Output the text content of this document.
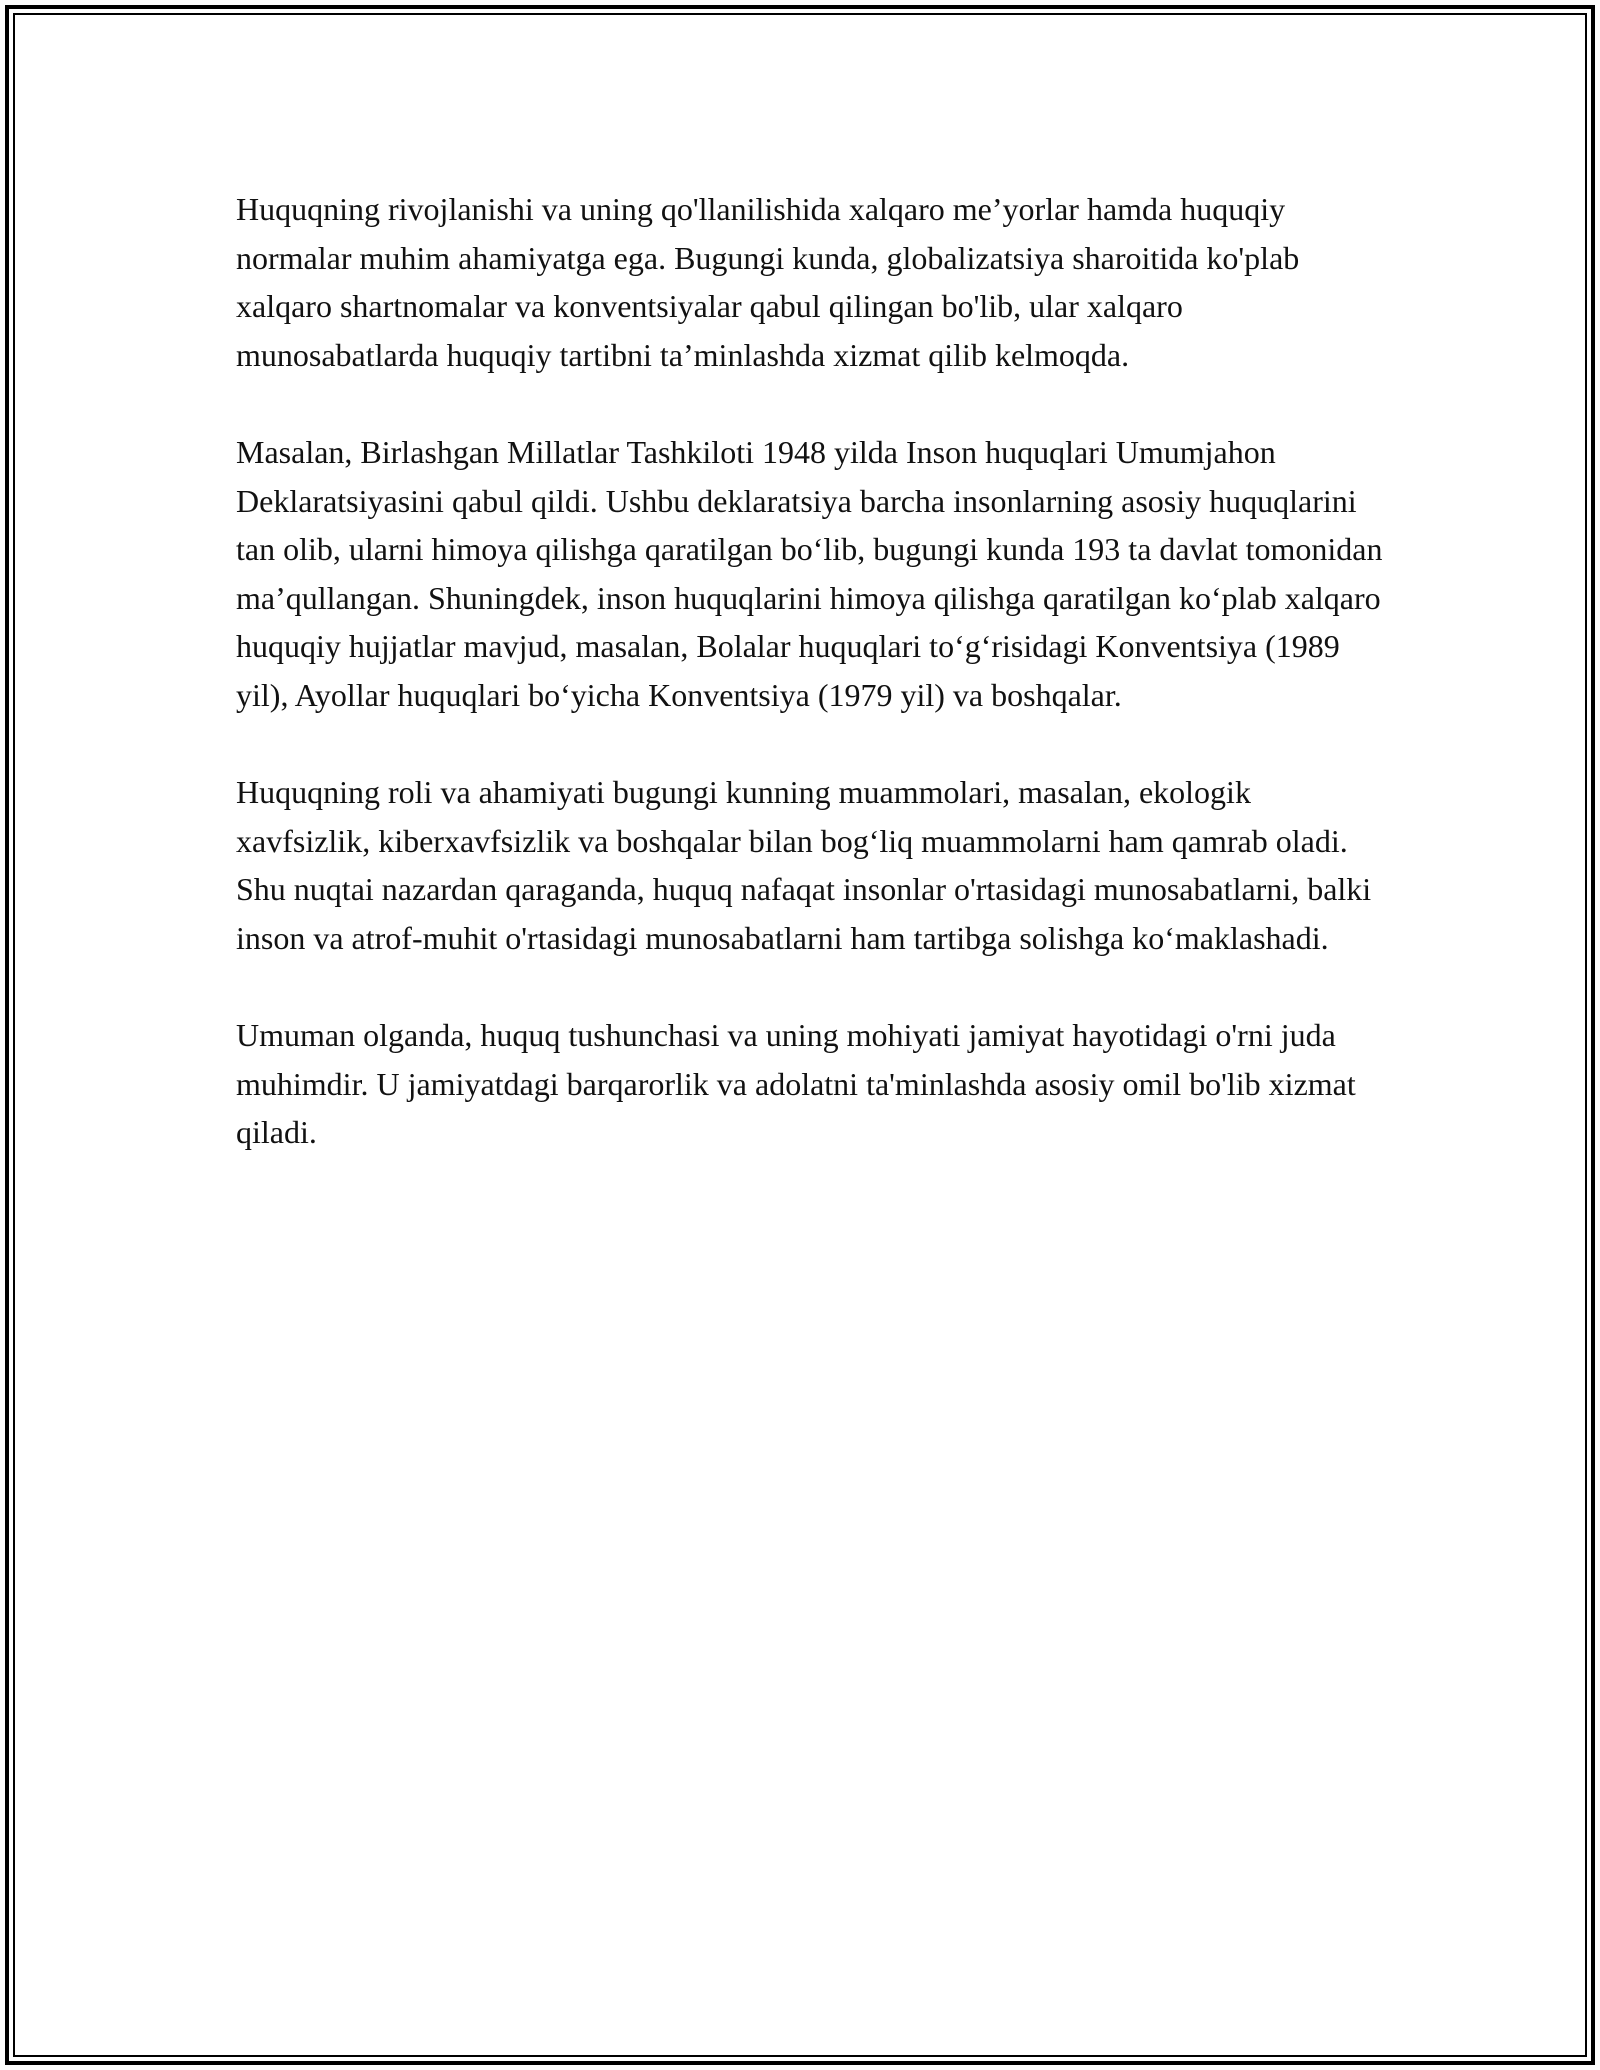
Huquqning rivojlanishi va uning qo'llanilishida xalqaro me’yorlar hamda huquqiy normalar muhim ahamiyatga ega. Bugungi kunda, globalizatsiya sharoitida ko'plab xalqaro shartnomalar va konventsiyalar qabul qilingan bo'lib, ular xalqaro munosabatlarda huquqiy tartibni ta’minlashda xizmat qilib kelmoqda.

Masalan, Birlashgan Millatlar Tashkiloti 1948 yilda Inson huquqlari Umumjahon Deklaratsiyasini qabul qildi. Ushbu deklaratsiya barcha insonlarning asosiy huquqlarini tan olib, ularni himoya qilishga qaratilgan bo‘lib, bugungi kunda 193 ta davlat tomonidan ma’qullangan. Shuningdek, inson huquqlarini himoya qilishga qaratilgan ko‘plab xalqaro huquqiy hujjatlar mavjud, masalan, Bolalar huquqlari to‘g‘risidagi Konventsiya (1989 yil), Ayollar huquqlari bo‘yicha Konventsiya (1979 yil) va boshqalar.

Huquqning roli va ahamiyati bugungi kunning muammolari, masalan, ekologik xavfsizlik, kiberxavfsizlik va boshqalar bilan bog‘liq muammolarni ham qamrab oladi. Shu nuqtai nazardan qaraganda, huquq nafaqat insonlar o'rtasidagi munosabatlarni, balki inson va atrof-muhit o'rtasidagi munosabatlarni ham tartibga solishga ko‘maklashadi.

Umuman olganda, huquq tushunchasi va uning mohiyati jamiyat hayotidagi o'rni juda muhimdir. U jamiyatdagi barqarorlik va adolatni ta'minlashda asosiy omil bo'lib xizmat qiladi.
